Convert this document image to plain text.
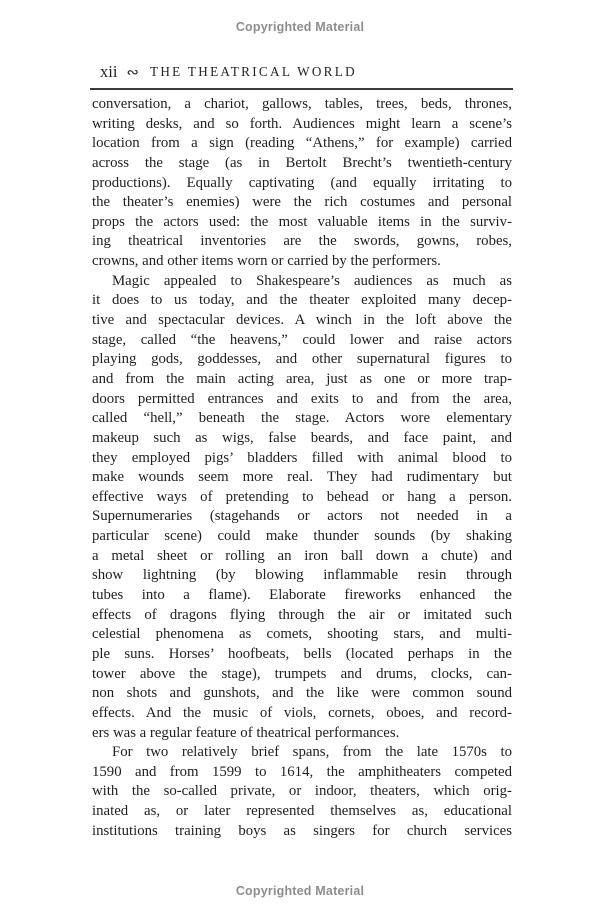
Copyrighted Material
xii ∾ THE THEATRICAL WORLD
conversation, a chariot, gallows, tables, trees, beds, thrones,
writing desks, and so forth. Audiences might learn a scene’s
location from a sign (reading “Athens,” for example) carried
across the stage (as in Bertolt Brecht’s twentieth-century
productions). Equally captivating (and equally irritating to
the theater’s enemies) were the rich costumes and personal
props the actors used: the most valuable items in the surviv-
ing theatrical inventories are the swords, gowns, robes,
crowns, and other items worn or carried by the performers.
Magic appealed to Shakespeare’s audiences as much as
it does to us today, and the theater exploited many decep-
tive and spectacular devices. A winch in the loft above the
stage, called “the heavens,” could lower and raise actors
playing gods, goddesses, and other supernatural figures to
and from the main acting area, just as one or more trap-
doors permitted entrances and exits to and from the area,
called “hell,” beneath the stage. Actors wore elementary
makeup such as wigs, false beards, and face paint, and
they employed pigs’ bladders filled with animal blood to
make wounds seem more real. They had rudimentary but
effective ways of pretending to behead or hang a person.
Supernumeraries (stagehands or actors not needed in a
particular scene) could make thunder sounds (by shaking
a metal sheet or rolling an iron ball down a chute) and
show lightning (by blowing inflammable resin through
tubes into a flame). Elaborate fireworks enhanced the
effects of dragons flying through the air or imitated such
celestial phenomena as comets, shooting stars, and multi-
ple suns. Horses’ hoofbeats, bells (located perhaps in the
tower above the stage), trumpets and drums, clocks, can-
non shots and gunshots, and the like were common sound
effects. And the music of viols, cornets, oboes, and record-
ers was a regular feature of theatrical performances.
For two relatively brief spans, from the late 1570s to
1590 and from 1599 to 1614, the amphitheaters competed
with the so-called private, or indoor, theaters, which orig-
inated as, or later represented themselves as, educational
institutions training boys as singers for church services
Copyrighted Material
